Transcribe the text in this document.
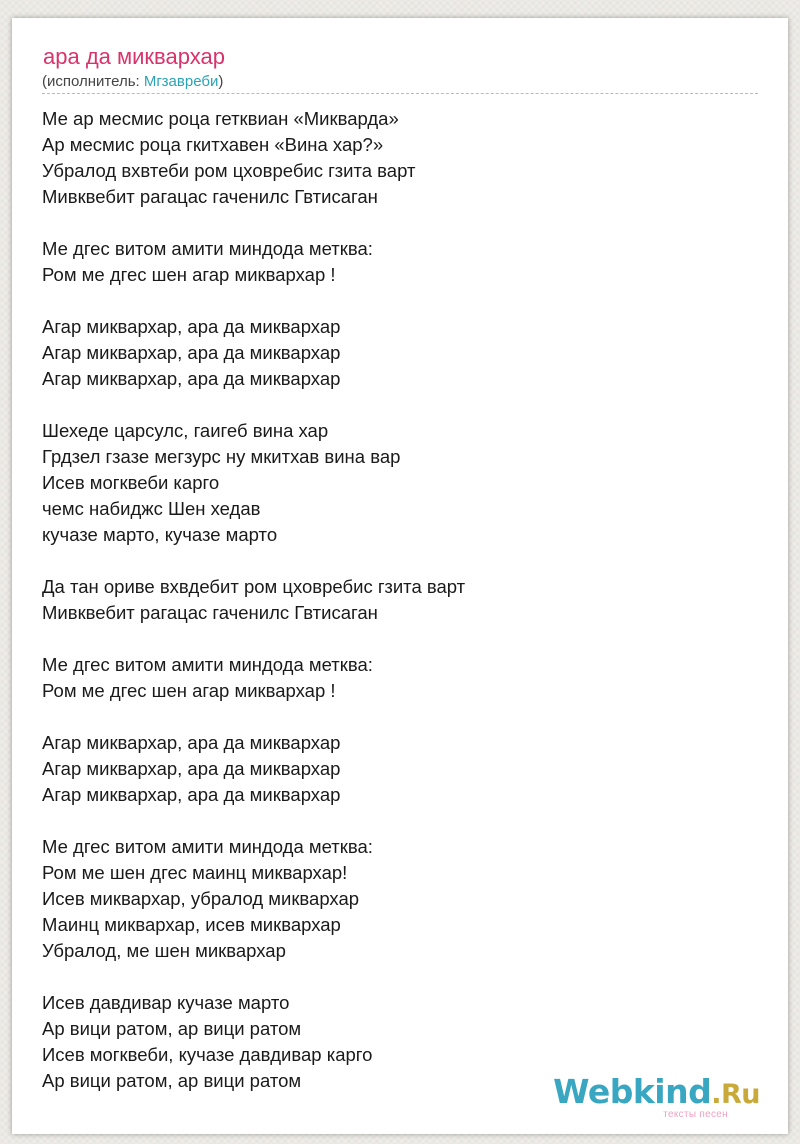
ара да миквархар
(исполнитель: Мгзавреби)
Ме ар месмис роца гетквиан «Микварда»
Ар месмис роца гкитхавен «Вина хар?»
Убралод вхвтеби ром цховребис гзита варт
Мивквебит рагацас гаченилс Гвтисаган

Ме дгес витом амити миндода метква:
Ром ме дгес шен агар миквархар !

Агар миквархар, ара да миквархар
Агар миквархар, ара да миквархар
Агар миквархар, ара да миквархар

Шехеде царсулс, гаигеб вина хар
Грдзел гзазе мегзурс ну мкитхав вина вар
Исев могквеби карго
чемс набиджс Шен хедав
кучазе марто, кучазе марто

Да тан ориве вхвдебит ром цховребис гзита варт
Мивквебит рагацас гаченилс Гвтисаган

Ме дгес витом амити миндода метква:
Ром ме дгес шен агар миквархар !

Агар миквархар, ара да миквархар
Агар миквархар, ара да миквархар
Агар миквархар, ара да миквархар

Ме дгес витом амити миндода метква:
Ром ме шен дгес маинц миквархар!
Исев миквархар, убралод миквархар
Маинц миквархар, исев миквархар
Убралод, ме шен миквархар

Исев давдивар кучазе марто
Ар вици ратом, ар вици ратом
Исев могквеби, кучазе давдивар карго
Ар вици ратом, ар вици ратом	Webkind.Ru
тексты песен
